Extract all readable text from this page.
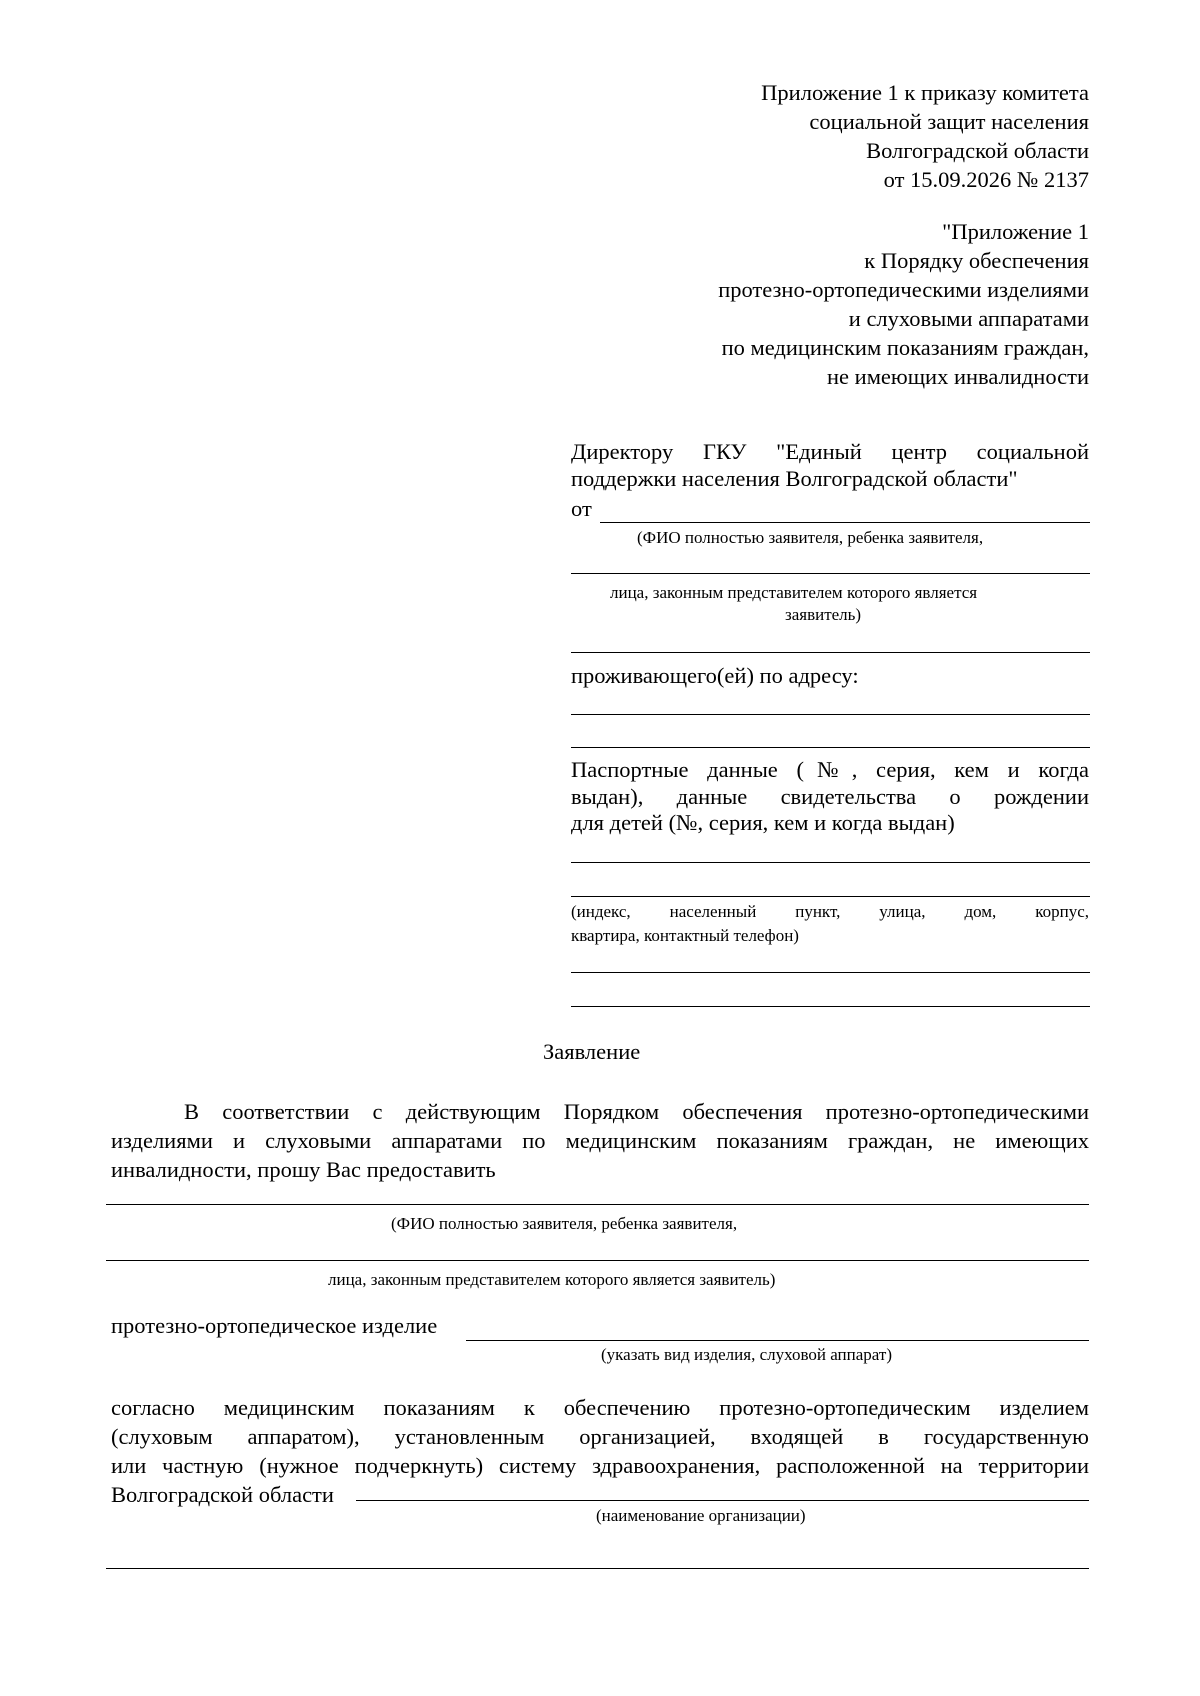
Приложение 1 к приказу комитета
социальной защит населения
Волгоградской области
от 15.09.2026 № 2137
"Приложение 1
к Порядку обеспечения
протезно-ортопедическими изделиями
и слуховыми аппаратами
по медицинским показаниям граждан,
не имеющих инвалидности
Директору ГКУ "Единый центр социальной
поддержки населения Волгоградской области"
от
(ФИО полностью заявителя, ребенка заявителя,
лица, законным представителем которого является
заявитель)
проживающего(ей) по адресу:
Паспортные данные (№, серия, кем и когда
выдан), данные свидетельства о рождении
для детей (№, серия, кем и когда выдан)
(индекс, населенный пункт, улица, дом, корпус,
квартира, контактный телефон)
Заявление
В соответствии с действующим Порядком обеспечения протезно-ортопедическими
изделиями и слуховыми аппаратами по медицинским показаниям граждан, не имеющих
инвалидности, прошу Вас предоставить
(ФИО полностью заявителя, ребенка заявителя,
лица, законным представителем которого является заявитель)
протезно-ортопедическое изделие
(указать вид изделия, слуховой аппарат)
согласно медицинским показаниям к обеспечению протезно-ортопедическим изделием
(слуховым аппаратом), установленным организацией, входящей в государственную
или частную (нужное подчеркнуть) систему здравоохранения, расположенной на территории
Волгоградской области
(наименование организации)
